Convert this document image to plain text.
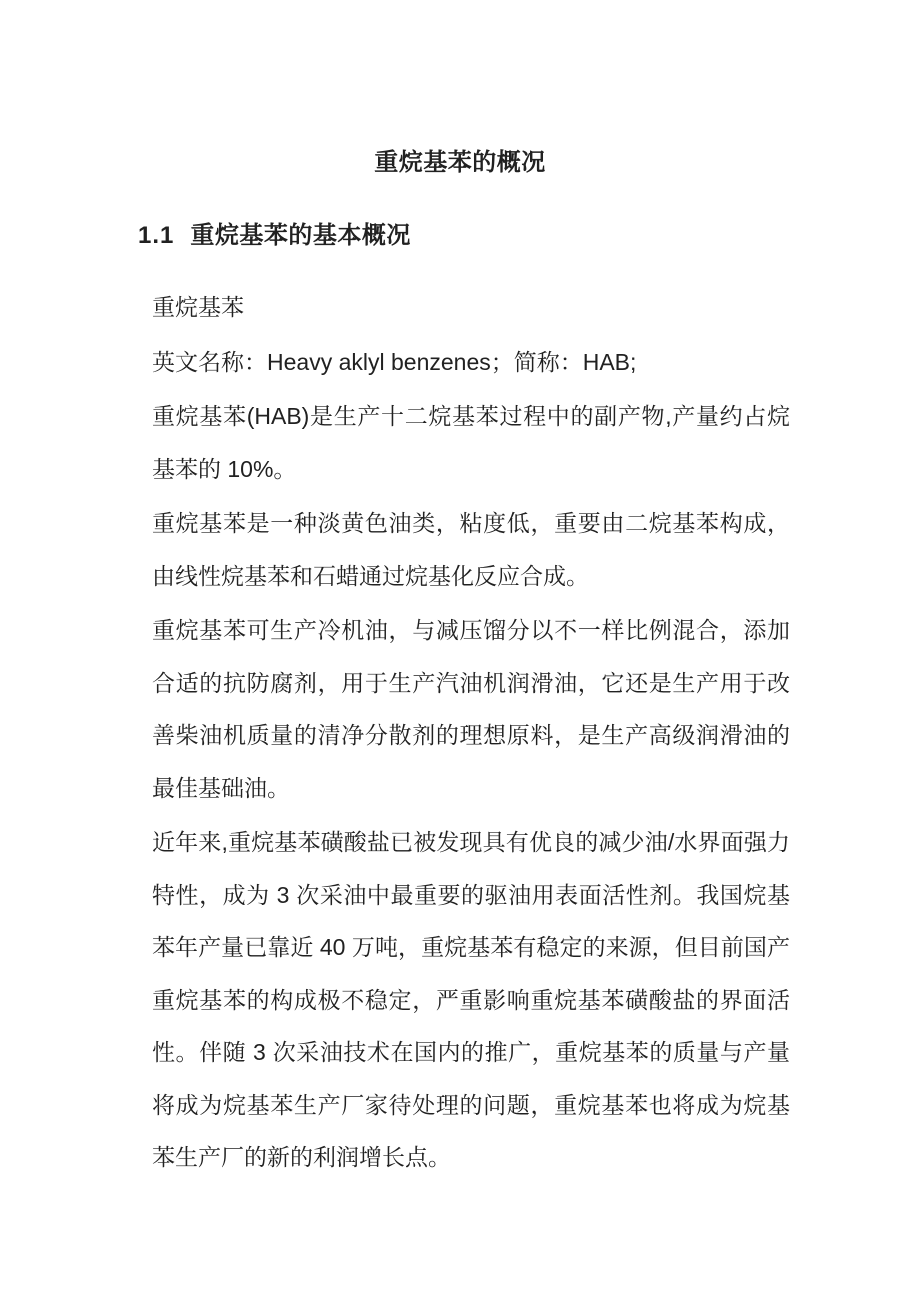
重烷基苯的概况
1.1 重烷基苯的基本概况

重烷基苯

英文名称：Heavy aklyl benzenes；简称：HAB;

重烷基苯(HAB)是生产十二烷基苯过程中的副产物,产量约占烷基苯的 10%。

重烷基苯是一种淡黄色油类，粘度低，重要由二烷基苯构成，由线性烷基苯和石蜡通过烷基化反应合成。

重烷基苯可生产冷机油，与减压馏分以不一样比例混合，添加合适的抗防腐剂，用于生产汽油机润滑油，它还是生产用于改善柴油机质量的清净分散剂的理想原料，是生产高级润滑油的最佳基础油。

近年来,重烷基苯磺酸盐已被发现具有优良的减少油/水界面强力特性，成为 3 次采油中最重要的驱油用表面活性剂。我国烷基苯年产量已靠近 40 万吨，重烷基苯有稳定的来源，但目前国产重烷基苯的构成极不稳定，严重影响重烷基苯磺酸盐的界面活性。伴随 3 次采油技术在国内的推广，重烷基苯的质量与产量将成为烷基苯生产厂家待处理的问题，重烷基苯也将成为烷基苯生产厂的新的利润增长点。
